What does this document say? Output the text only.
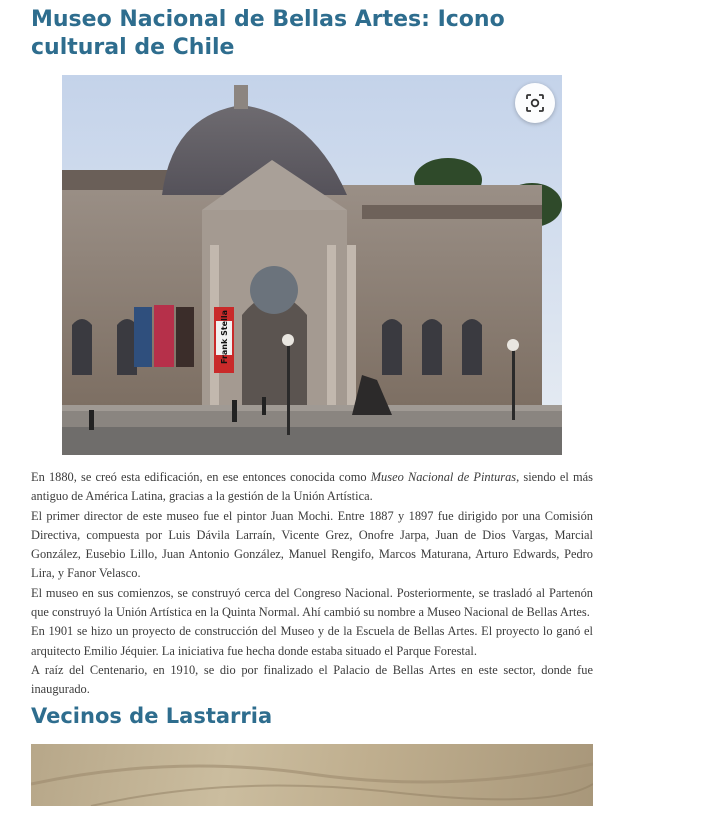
Museo Nacional de Bellas Artes: Icono cultural de Chile
Frank Stella

En 1880, se creó esta edificación, en ese entonces conocida como Museo Nacional de Pinturas, siendo el más antiguo de América Latina, gracias a la gestión de la Unión Artística.

El primer director de este museo fue el pintor Juan Mochi. Entre 1887 y 1897 fue dirigido por una Comisión Directiva, compuesta por Luis Dávila Larraín, Vicente Grez, Onofre Jarpa, Juan de Dios Vargas, Marcial González, Eusebio Lillo, Juan Antonio González, Manuel Rengifo, Marcos Maturana, Arturo Edwards, Pedro Lira, y Fanor Velasco.

El museo en sus comienzos, se construyó cerca del Congreso Nacional. Posteriormente, se trasladó al Partenón que construyó la Unión Artística en la Quinta Normal. Ahí cambió su nombre a Museo Nacional de Bellas Artes.

En 1901 se hizo un proyecto de construcción del Museo y de la Escuela de Bellas Artes. El proyecto lo ganó el arquitecto Emilio Jéquier. La iniciativa fue hecha donde estaba situado el Parque Forestal.

A raíz del Centenario, en 1910, se dio por finalizado el Palacio de Bellas Artes en este sector, donde fue inaugurado.

Vecinos de Lastarria
